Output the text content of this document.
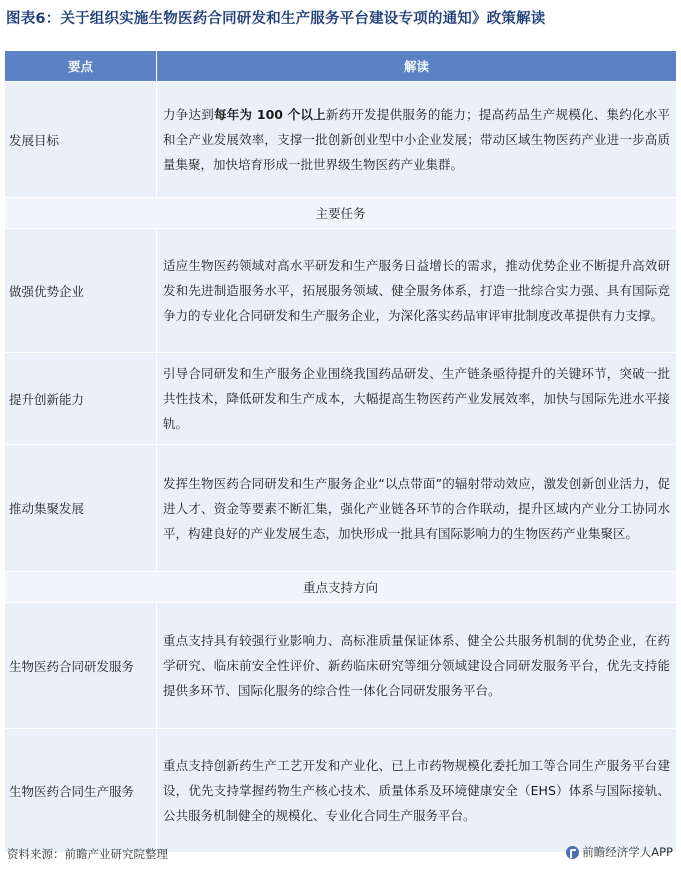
图表6：关于组织实施生物医药合同研发和生产服务平台建设专项的通知》政策解读
要点	解读
发展目标	力争达到每年为 100 个以上新药开发提供服务的能力；提高药品生产规模化、集约化水平和全产业发展效率，支撑一批创新创业型中小企业发展；带动区域生物医药产业进一步高质量集聚，加快培育形成一批世界级生物医药产业集群。
主要任务	
做强优势企业	适应生物医药领域对高水平研发和生产服务日益增长的需求，推动优势企业不断提升高效研发和先进制造服务水平，拓展服务领域、健全服务体系，打造一批综合实力强、具有国际竞争力的专业化合同研发和生产服务企业，为深化落实药品审评审批制度改革提供有力支撑。
提升创新能力	引导合同研发和生产服务企业围绕我国药品研发、生产链条亟待提升的关键环节，突破一批共性技术，降低研发和生产成本，大幅提高生物医药产业发展效率，加快与国际先进水平接轨。
推动集聚发展	发挥生物医药合同研发和生产服务企业“以点带面”的辐射带动效应，激发创新创业活力，促进人才、资金等要素不断汇集，强化产业链各环节的合作联动，提升区域内产业分工协同水平，构建良好的产业发展生态，加快形成一批具有国际影响力的生物医药产业集聚区。
重点支持方向	
生物医药合同研发服务	重点支持具有较强行业影响力、高标准质量保证体系、健全公共服务机制的优势企业，在药学研究、临床前安全性评价、新药临床研究等细分领域建设合同研发服务平台，优先支持能提供多环节、国际化服务的综合性一体化合同研发服务平台。
生物医药合同生产服务	重点支持创新药生产工艺开发和产业化、已上市药物规模化委托加工等合同生产服务平台建设，优先支持掌握药物生产核心技术、质量体系及环境健康安全（EHS）体系与国际接轨、公共服务机制健全的规模化、专业化合同生产服务平台。
资料来源：前瞻产业研究院整理	前瞻经济学人APP
